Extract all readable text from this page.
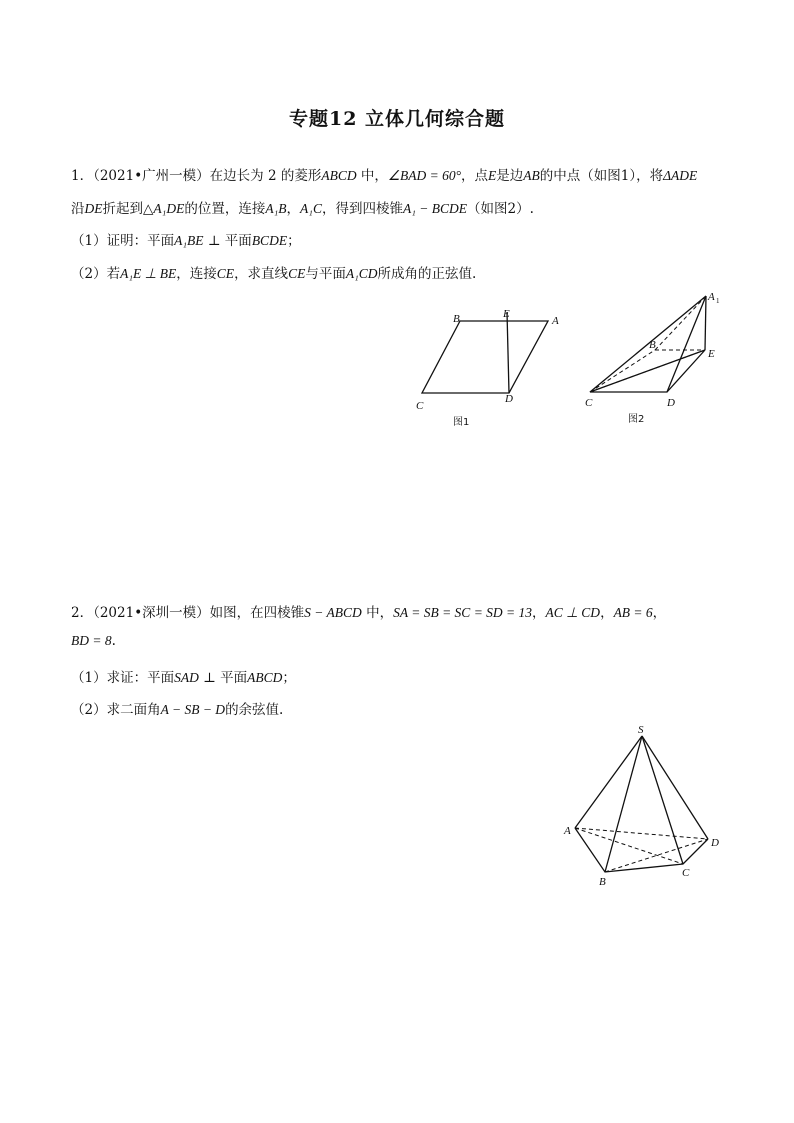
专题12 立体几何综合题
1．（2021•广州一模）在边长为 2 的菱形ABCD 中，∠BAD = 60°，点E是边AB的中点（如图1），将ΔADE
沿DE折起到△A₁DE的位置，连接A₁B，A₁C，得到四棱锥A₁ − BCDE（如图2）.
（1）证明：平面A₁BE ⊥ 平面BCDE；
（2）若A₁E ⊥ BE，连接CE，求直线CE与平面A₁CD所成角的正弦值.
B	E
A
C
D
图1
A 1
B
E
C	D
图2
2．（2021•深圳一模）如图，在四棱锥S − ABCD 中，SA = SB = SC = SD = 13，AC ⊥ CD，AB = 6，
BD = 8.
（1）求证：平面SAD ⊥ 平面ABCD；
（2）求二面角A − SB − D的余弦值.
S
A
B
C
D
